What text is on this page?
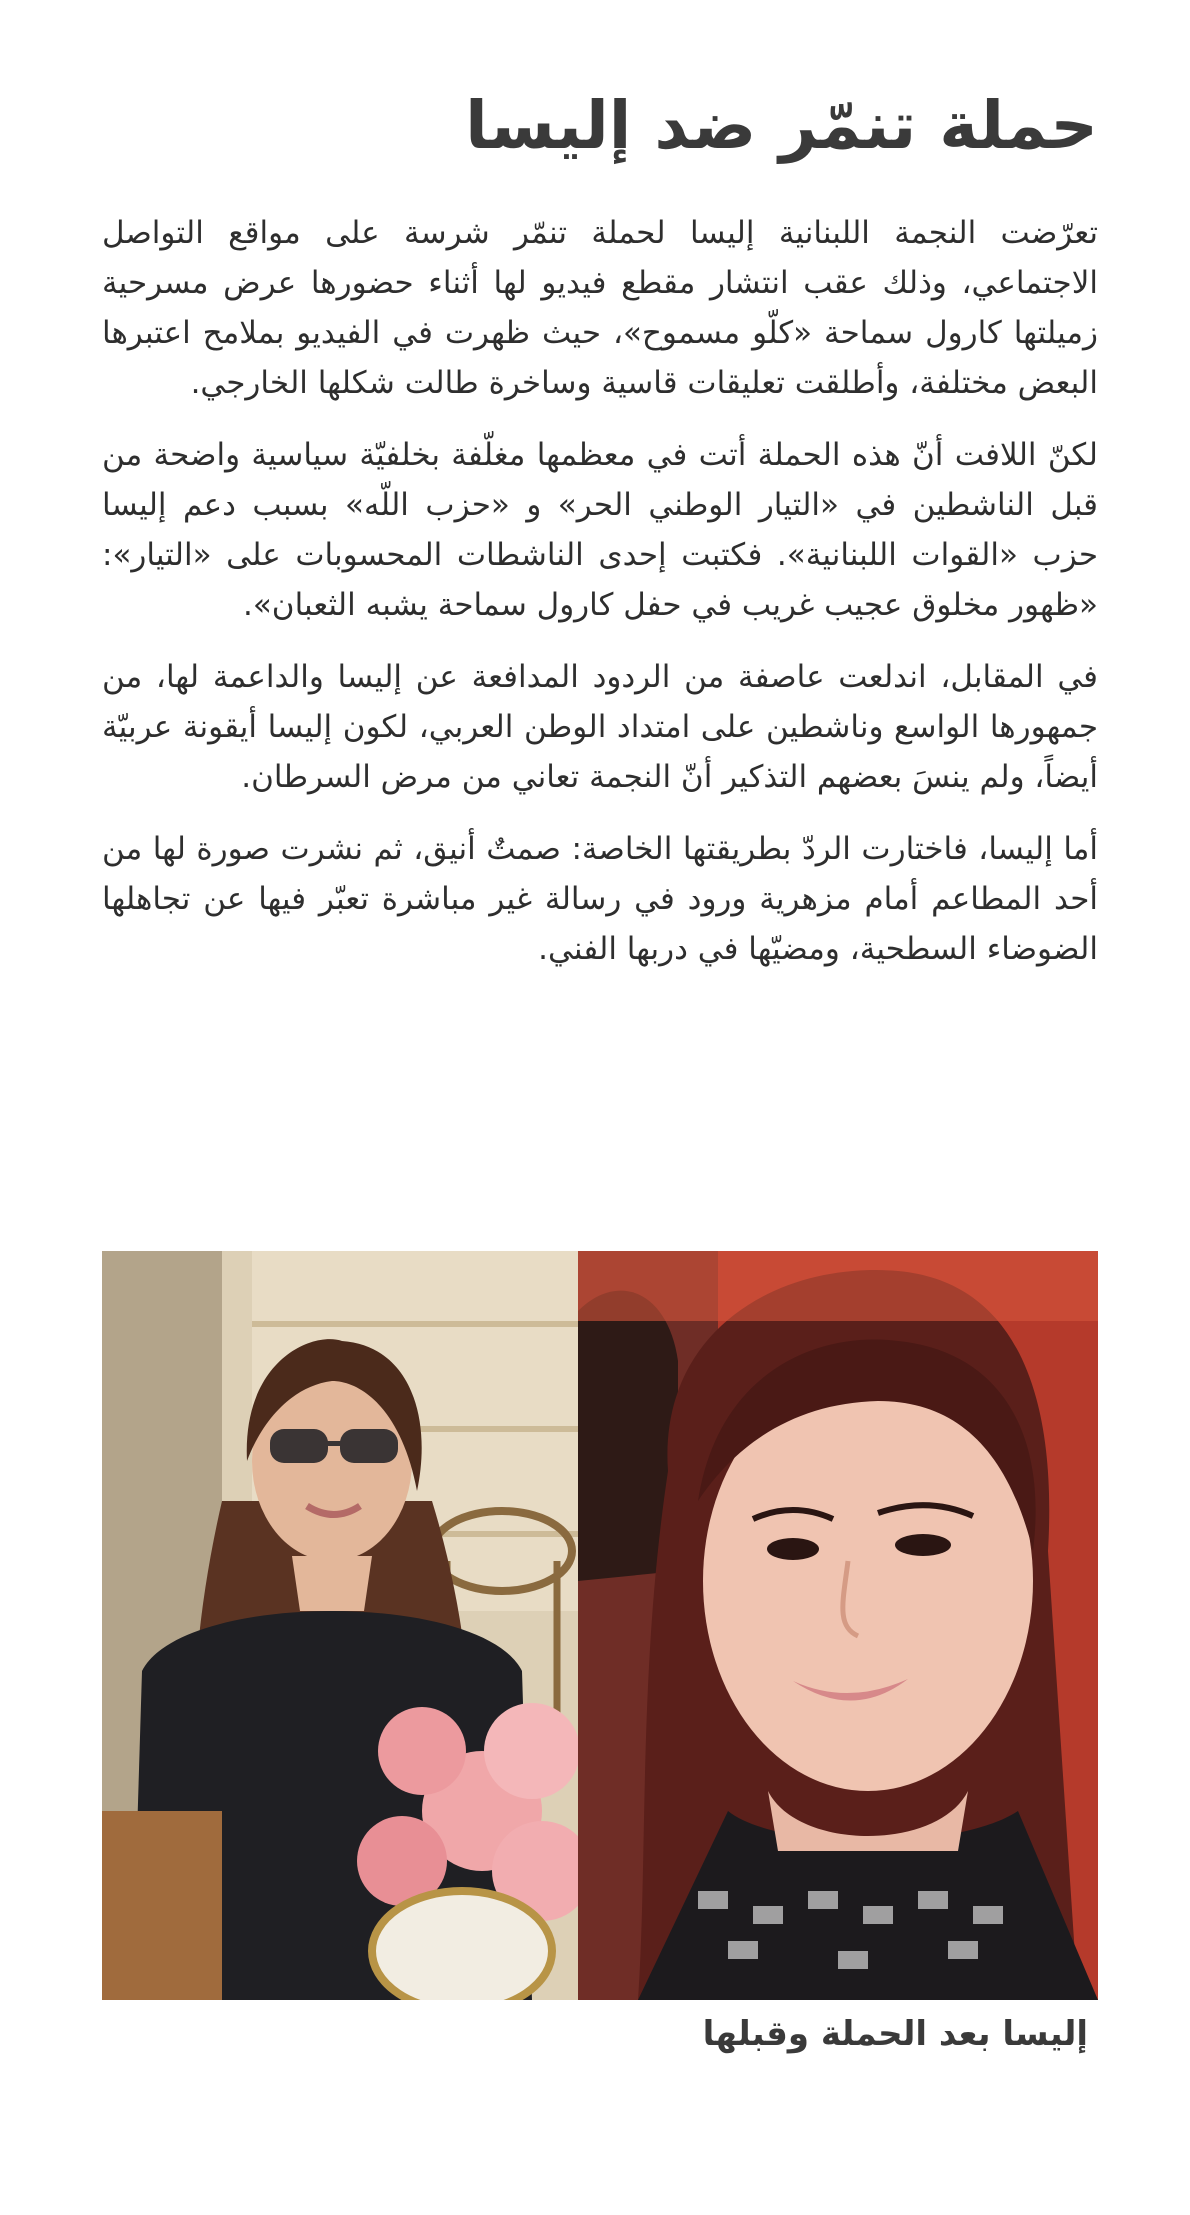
حملة تنمّر ضد إليسا

تعرّضت النجمة اللبنانية إليسا لحملة تنمّر شرسة على مواقع التواصل الاجتماعي، وذلك عقب انتشار مقطع فيديو لها أثناء حضورها عرض مسرحية زميلتها كارول سماحة «كلّو مسموح»، حيث ظهرت في الفيديو بملامح اعتبرها البعض مختلفة، وأطلقت تعليقات قاسية وساخرة طالت شكلها الخارجي.

لكنّ اللافت أنّ هذه الحملة أتت في معظمها مغلّفة بخلفيّة سياسية واضحة من قبل الناشطين في «التيار الوطني الحر» و «حزب اللّه» بسبب دعم إليسا حزب «القوات اللبنانية». فكتبت إحدى الناشطات المحسوبات على «التيار»: «ظهور مخلوق عجيب غريب في حفل كارول سماحة يشبه الثعبان».

في المقابل، اندلعت عاصفة من الردود المدافعة عن إليسا والداعمة لها، من جمهورها الواسع وناشطين على امتداد الوطن العربي، لكون إليسا أيقونة عربيّة أيضاً، ولم ينسَ بعضهم التذكير أنّ النجمة تعاني من مرض السرطان.

أما إليسا، فاختارت الردّ بطريقتها الخاصة: صمتٌ أنيق، ثم نشرت صورة لها من أحد المطاعم أمام مزهرية ورود في رسالة غير مباشرة تعبّر فيها عن تجاهلها الضوضاء السطحية، ومضيّها في دربها الفني.

إليسا بعد الحملة وقبلها
